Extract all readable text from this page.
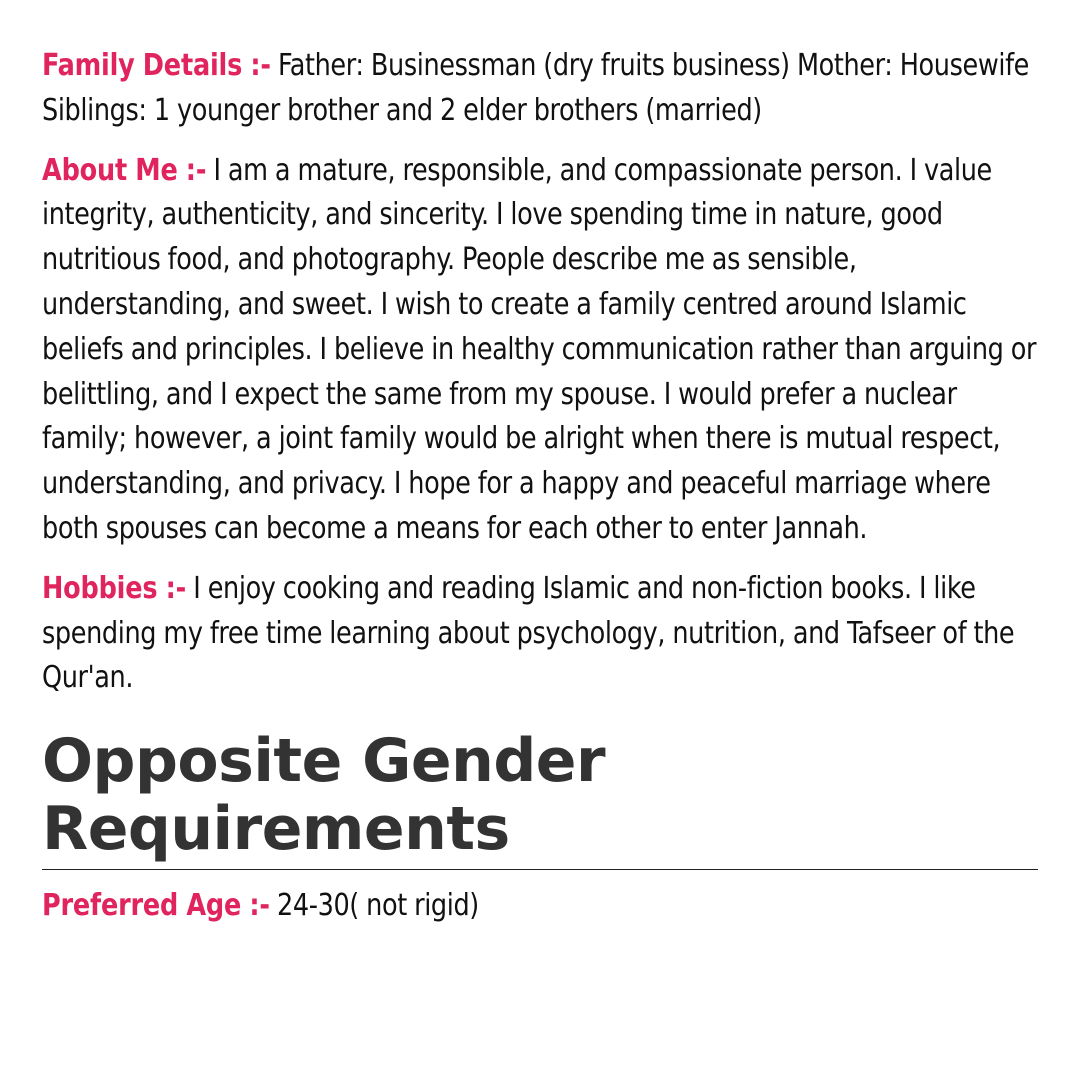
Family Details :- Father: Businessman (dry fruits business) Mother: Housewife Siblings: 1 younger brother and 2 elder brothers (married)

About Me :- I am a mature, responsible, and compassionate person. I value integrity, authenticity, and sincerity. I love spending time in nature, good nutritious food, and photography. People describe me as sensible, understanding, and sweet. I wish to create a family centred around Islamic beliefs and principles. I believe in healthy communication rather than arguing or belittling, and I expect the same from my spouse. I would prefer a nuclear family; however, a joint family would be alright when there is mutual respect, understanding, and privacy. I hope for a happy and peaceful marriage where both spouses can become a means for each other to enter Jannah.

Hobbies :- I enjoy cooking and reading Islamic and non-fiction books. I like spending my free time learning about psychology, nutrition, and Tafseer of the Qur'an.

Opposite Gender Requirements

Preferred Age :- 24-30( not rigid)
